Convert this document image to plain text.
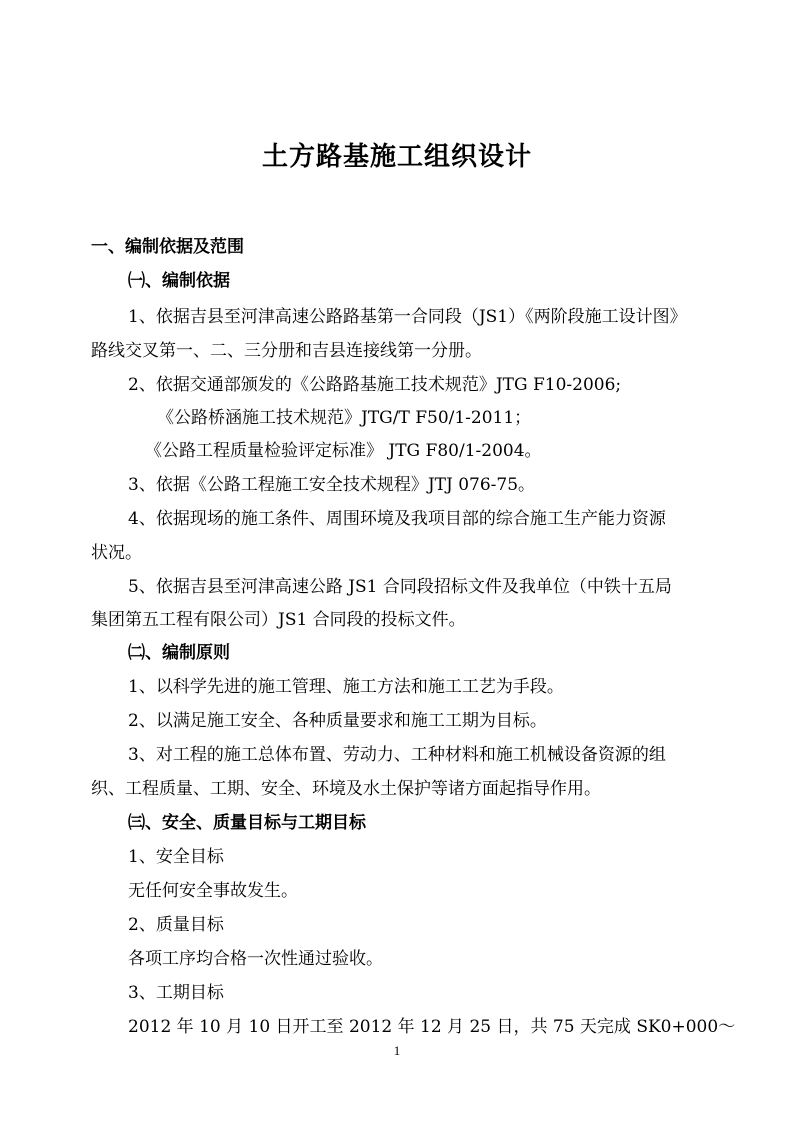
土方路基施工组织设计
一、编制依据及范围
㈠、编制依据
1、依据吉县至河津高速公路路基第一合同段（JS1）《两阶段施工设计图》
路线交叉第一、二、三分册和吉县连接线第一分册。
2、依据交通部颁发的《公路路基施工技术规范》JTG F10-2006;
《公路桥涵施工技术规范》JTG/T F50/1-2011；
《公路工程质量检验评定标准》 JTG F80/1-2004。
3、依据《公路工程施工安全技术规程》JTJ 076-75。
4、依据现场的施工条件、周围环境及我项目部的综合施工生产能力资源
状况。
5、依据吉县至河津高速公路 JS1 合同段招标文件及我单位（中铁十五局
集团第五工程有限公司）JS1 合同段的投标文件。
㈡、编制原则
1、以科学先进的施工管理、施工方法和施工工艺为手段。
2、以满足施工安全、各种质量要求和施工工期为目标。
3、对工程的施工总体布置、劳动力、工种材料和施工机械设备资源的组
织、工程质量、工期、安全、环境及水土保护等诸方面起指导作用。
㈢、安全、质量目标与工期目标
1、安全目标
无任何安全事故发生。
2、质量目标
各项工序均合格一次性通过验收。
3、工期目标
2012 年 10 月 10 日开工至 2012 年 12 月 25 日，共 75 天完成 SK0+000～
1
